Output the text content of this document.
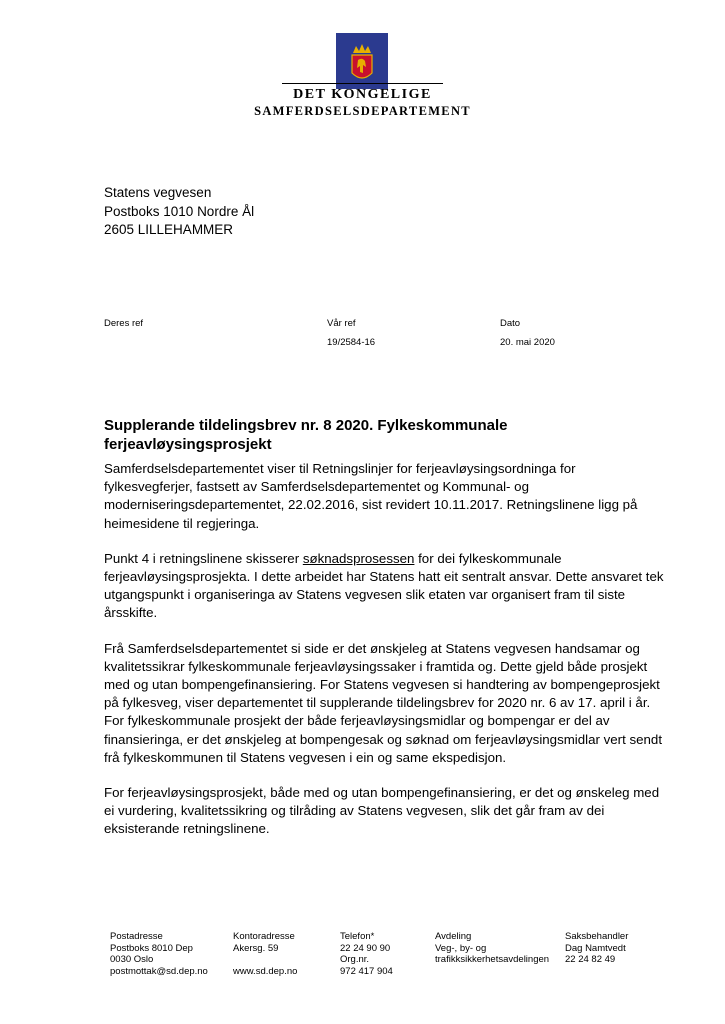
DET KONGELIGE
SAMFERDSELSDEPARTEMENT
Statens vegvesen
Postboks 1010 Nordre Ål
2605 LILLEHAMMER
Deres ref	Vår ref
19/2584-16
Dato
20. mai 2020
Supplerande tildelingsbrev nr. 8 2020. Fylkeskommunale ferjeavløysingsprosjekt

Samferdselsdepartementet viser til Retningslinjer for ferjeavløysingsordninga for fylkesvegferjer, fastsett av Samferdselsdepartementet og Kommunal- og moderniseringsdepartementet, 22.02.2016, sist revidert 10.11.2017. Retningslinene ligg på heimesidene til regjeringa.

Punkt 4 i retningslinene skisserer søknadsprosessen for dei fylkeskommunale ferjeavløysingsprosjekta. I dette arbeidet har Statens hatt eit sentralt ansvar. Dette ansvaret tek utgangspunkt i organiseringa av Statens vegvesen slik etaten var organisert fram til siste årsskifte.

Frå Samferdselsdepartementet si side er det ønskjeleg at Statens vegvesen handsamar og kvalitetssikrar fylkeskommunale ferjeavløysingssaker i framtida og. Dette gjeld både prosjekt med og utan bompengefinansiering. For Statens vegvesen si handtering av bompengeprosjekt på fylkesveg, viser departementet til supplerande tildelingsbrev for 2020 nr. 6 av 17. april i år. For fylkeskommunale prosjekt der både ferjeavløysingsmidlar og bompengar er del av finansieringa, er det ønskjeleg at bompengesak og søknad om ferjeavløysingsmidlar vert sendt frå fylkeskommunen til Statens vegvesen i ein og same ekspedisjon.

For ferjeavløysingsprosjekt, både med og utan bompengefinansiering, er det og ønskeleg med ei vurdering, kvalitetssikring og tilråding av Statens vegvesen, slik det går fram av dei eksisterande retningslinene.

Postadresse
Postboks 8010 Dep
0030 Oslo
postmottak@sd.dep.no
Kontoradresse
Akersg. 59

www.sd.dep.no
Telefon*
22 24 90 90
Org.nr.
972 417 904
Avdeling
Veg-, by- og
trafikksikkerhetsavdelingen
Saksbehandler
Dag Namtvedt
22 24 82 49
